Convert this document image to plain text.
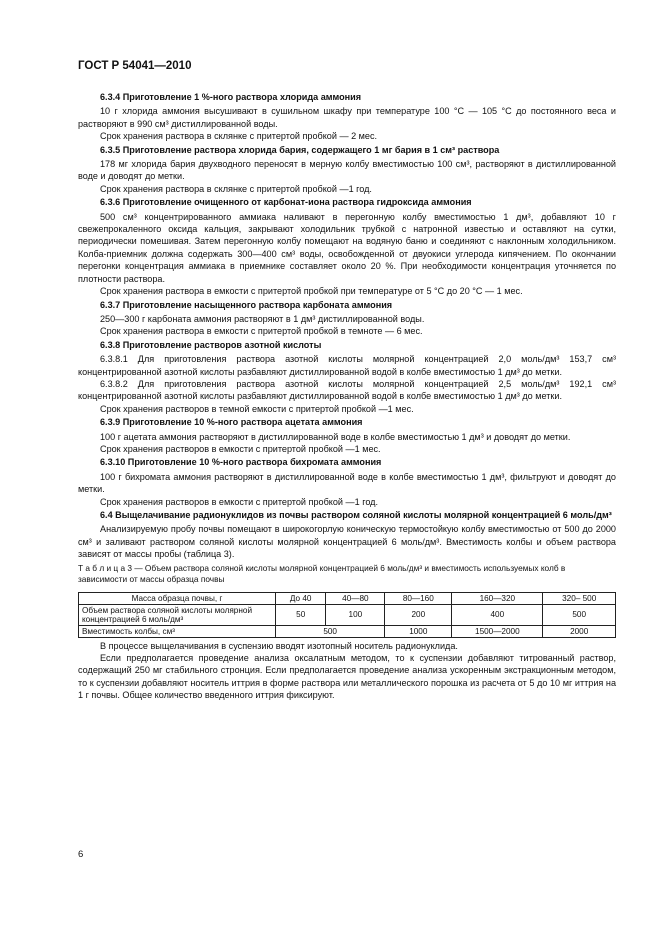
ГОСТ Р 54041—2010

6.3.4 Приготовление 1 %-ного раствора хлорида аммония

10 г хлорида аммония высушивают в сушильном шкафу при температуре 100 °С — 105 °С до постоянного веса и растворяют в 990 см³ дистиллированной воды.

Срок хранения раствора в склянке с притертой пробкой — 2 мес.

6.3.5 Приготовление раствора хлорида бария, содержащего 1 мг бария в 1 см³ раствора

178 мг хлорида бария двухводного переносят в мерную колбу вместимостью 100 см³, растворяют в дистиллированной воде и доводят до метки.

Срок хранения раствора в склянке с притертой пробкой —1 год.

6.3.6 Приготовление очищенного от карбонат-иона раствора гидроксида аммония

500 см³ концентрированного аммиака наливают в перегонную колбу вместимостью 1 дм³, добавляют 10 г свежепрокаленного оксида кальция, закрывают холодильник трубкой с натронной известью и оставляют на сутки, периодически помешивая. Затем перегонную колбу помещают на водяную баню и соединяют с наклонным холодильником. Колба-приемник должна содержать 300—400 см³ воды, освобожденной от двуокиси углерода кипячением. По окончании перегонки концентрация аммиака в приемнике составляет около 20 %. При необходимости концентрация уточняется по плотности раствора.

Срок хранения раствора в емкости с притертой пробкой при температуре от 5 °С до 20 °С — 1 мес.

6.3.7 Приготовление насыщенного раствора карбоната аммония

250—300 г карбоната аммония растворяют в 1 дм³ дистиллированной воды.

Срок хранения раствора в емкости с притертой пробкой в темноте — 6 мес.

6.3.8 Приготовление растворов азотной кислоты

6.3.8.1 Для приготовления раствора азотной кислоты молярной концентрацией 2,0 моль/дм³ 153,7 см³ концентрированной азотной кислоты разбавляют дистиллированной водой в колбе вместимостью 1 дм³ до метки.

6.3.8.2 Для приготовления раствора азотной кислоты молярной концентрацией 2,5 моль/дм³ 192,1 см³ концентрированной азотной кислоты разбавляют дистиллированной водой в колбе вместимостью 1 дм³ до метки.

Срок хранения растворов в темной емкости с притертой пробкой —1 мес.

6.3.9 Приготовление 10 %-ного раствора ацетата аммония

100 г ацетата аммония растворяют в дистиллированной воде в колбе вместимостью 1 дм³ и доводят до метки.

Срок хранения растворов в емкости с притертой пробкой —1 мес.

6.3.10 Приготовление 10 %-ного раствора бихромата аммония

100 г бихромата аммония растворяют в дистиллированной воде в колбе вместимостью 1 дм³, фильтруют и доводят до метки.

Срок хранения растворов в емкости с притертой пробкой —1 год.

6.4 Выщелачивание радионуклидов из почвы раствором соляной кислоты молярной концентрацией 6 моль/дм³

Анализируемую пробу почвы помещают в широкогорлую коническую термостойкую колбу вместимостью от 500 до 2000 см³ и заливают раствором соляной кислоты молярной концентрацией 6 моль/дм³. Вместимость колбы и объем раствора зависят от массы пробы (таблица 3).

Т а б л и ц а 3 — Объем раствора соляной кислоты молярной концентрацией 6 моль/дм³ и вместимость используемых колб в зависимости от массы образца почвы

Масса образца почвы, г	До 40	40—80	80—160	160—320	320– 500
Объем раствора соляной кислоты молярной концентрацией 6 моль/дм³	50	100	200	400	500
Вместимость колбы, см³	500		1000	1500—2000	2000

В процессе выщелачивания в суспензию вводят изотопный носитель радионуклида.

Если предполагается проведение анализа оксалатным методом, то к суспензии добавляют титрованный раствор, содержащий 250 мг стабильного стронция. Если предполагается проведение анализа ускоренным экстракционным методом, то к суспензии добавляют носитель иттрия в форме раствора или металлического порошка из расчета от 5 до 10 мг иттрия на 1 г почвы. Общее количество введенного иттрия фиксируют.

6
